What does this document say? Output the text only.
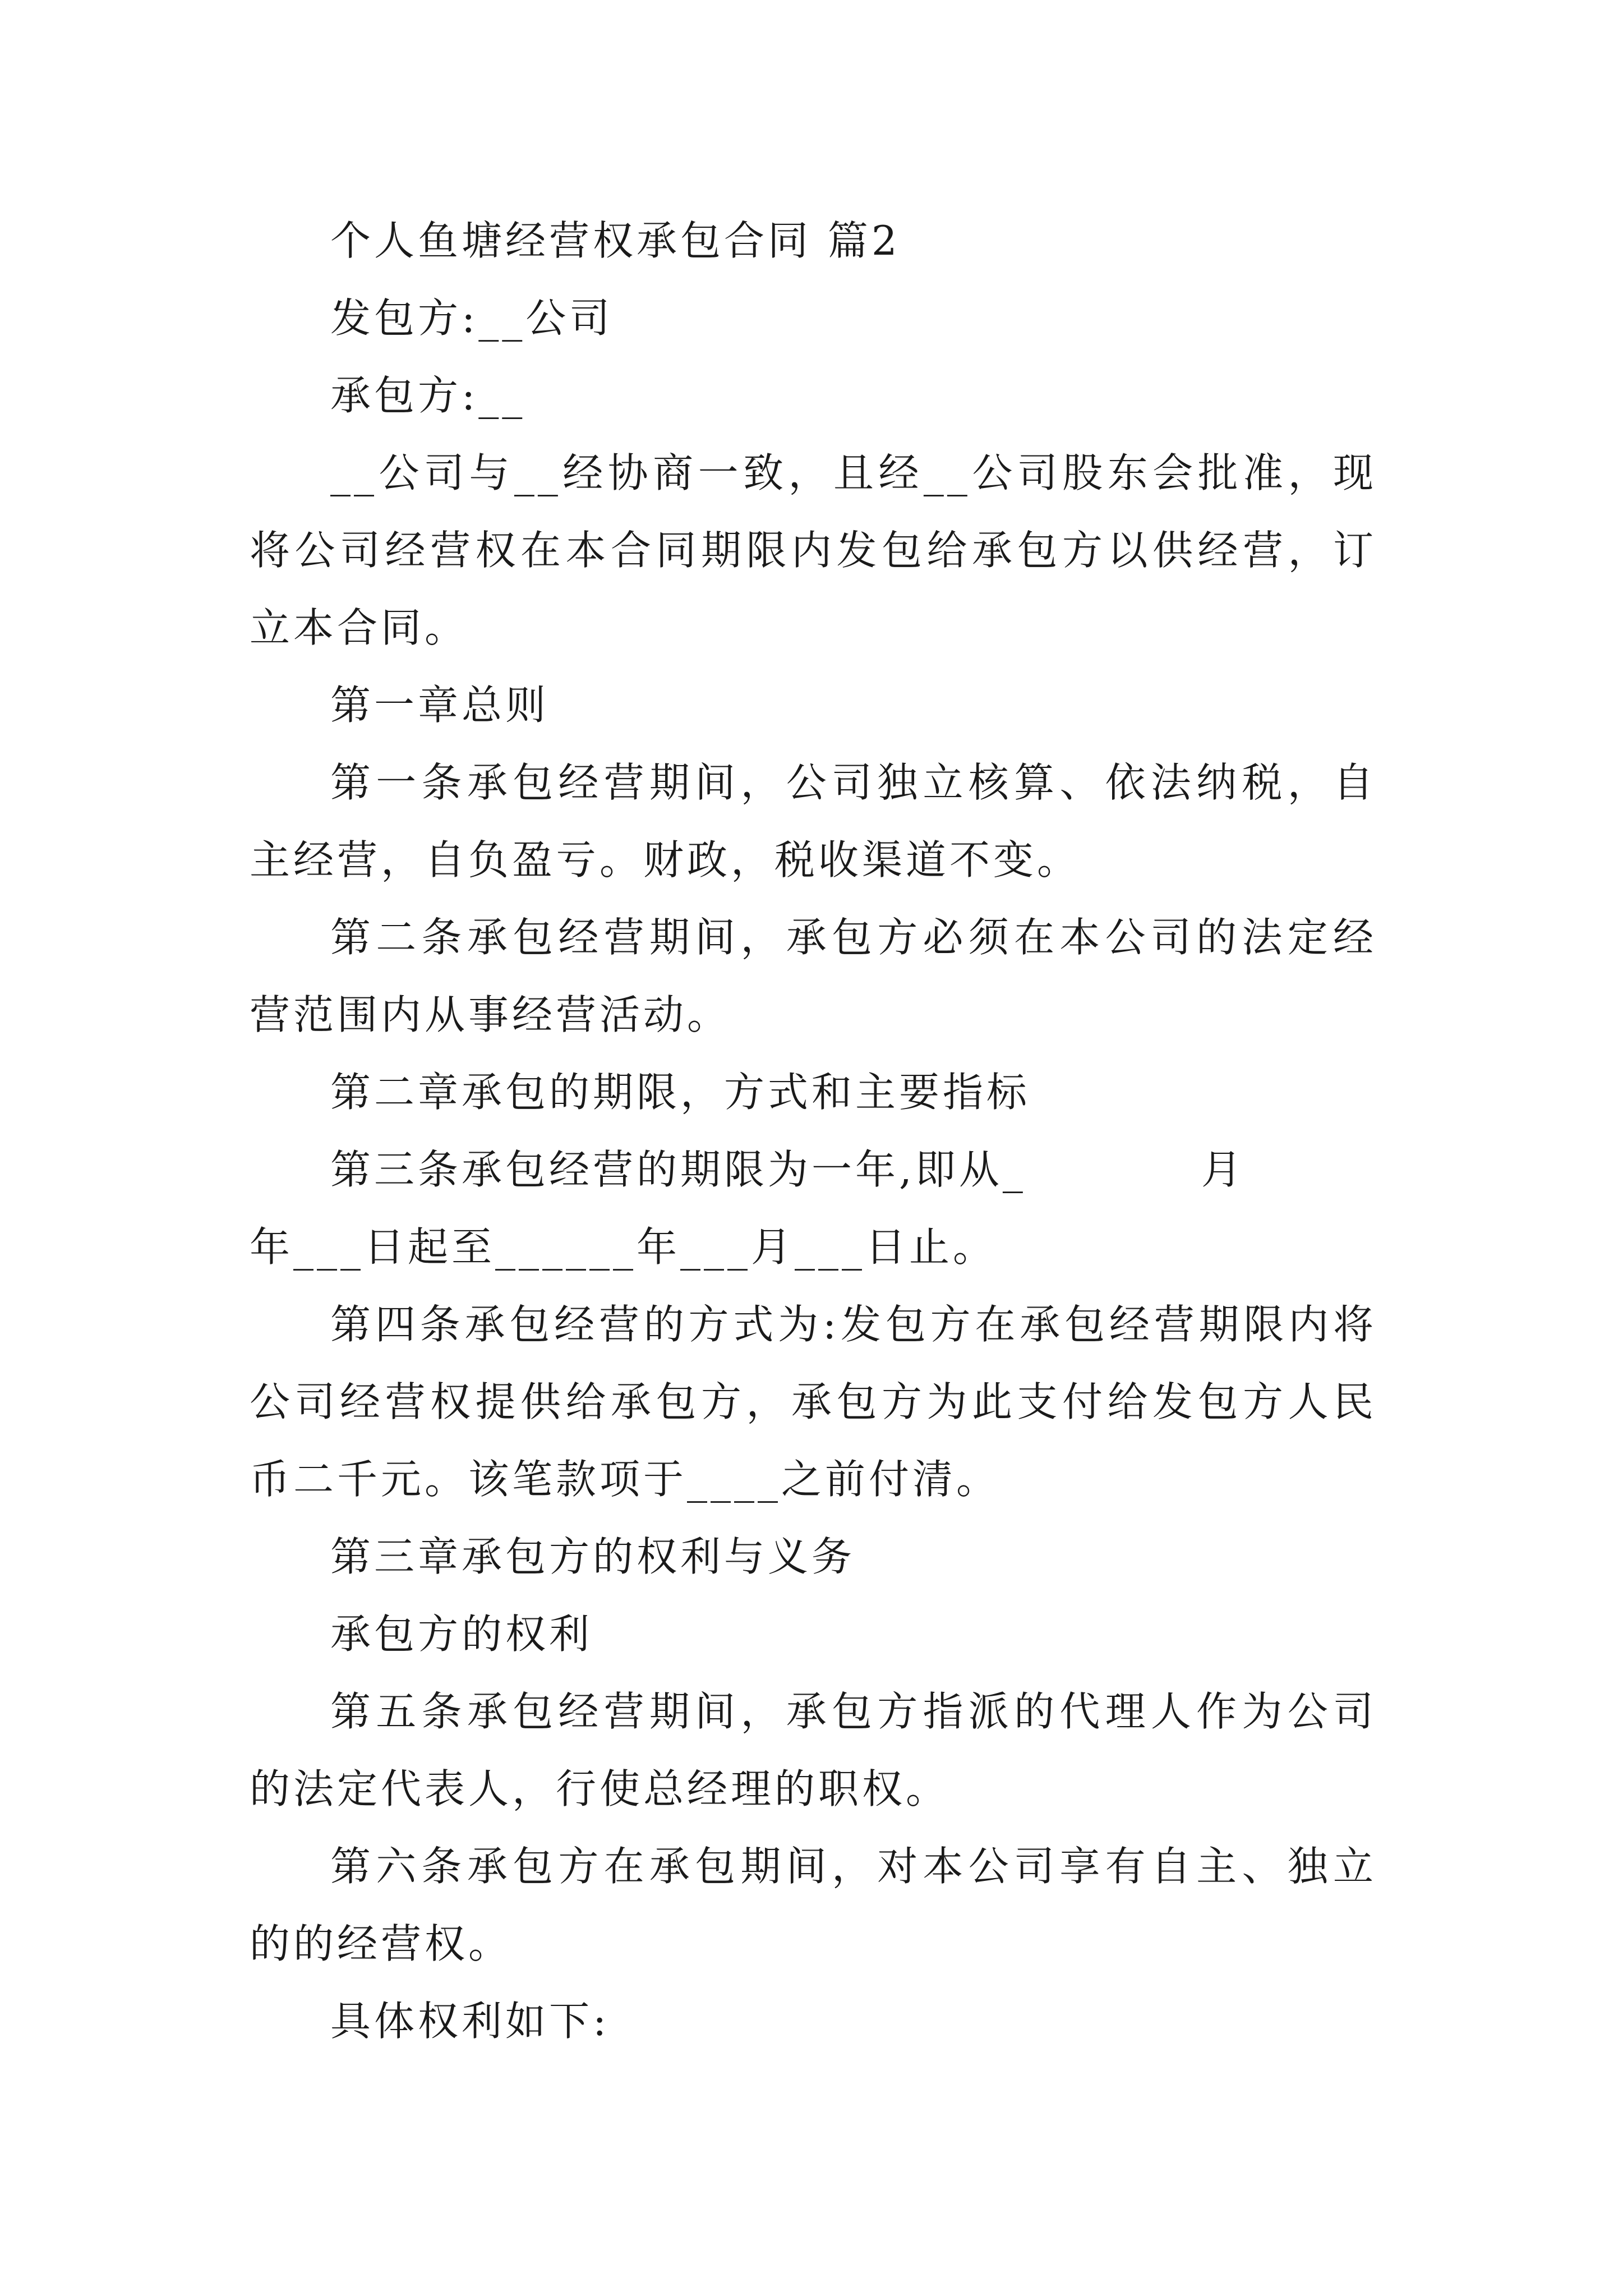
个人鱼塘经营权承包合同 篇2

发包方:__公司

承包方:__

__公司与__经协商一致，且经__公司股东会批准，现将公司经营权在本合同期限内发包给承包方以供经营，订立本合同。

第一章总则

第一条承包经营期间，公司独立核算、依法纳税，自主经营，自负盈亏。财政，税收渠道不变。

第二条承包经营期间，承包方必须在本公司的法定经营范围内从事经营活动。

第二章承包的期限，方式和主要指标

第三条承包经营的期限为一年,即从_　　　　月

年___日起至______年___月___日止。

第四条承包经营的方式为:发包方在承包经营期限内将公司经营权提供给承包方，承包方为此支付给发包方人民币二千元。该笔款项于____之前付清。

第三章承包方的权利与义务

承包方的权利

第五条承包经营期间，承包方指派的代理人作为公司的法定代表人，行使总经理的职权。

第六条承包方在承包期间，对本公司享有自主、独立的的经营权。

具体权利如下:
